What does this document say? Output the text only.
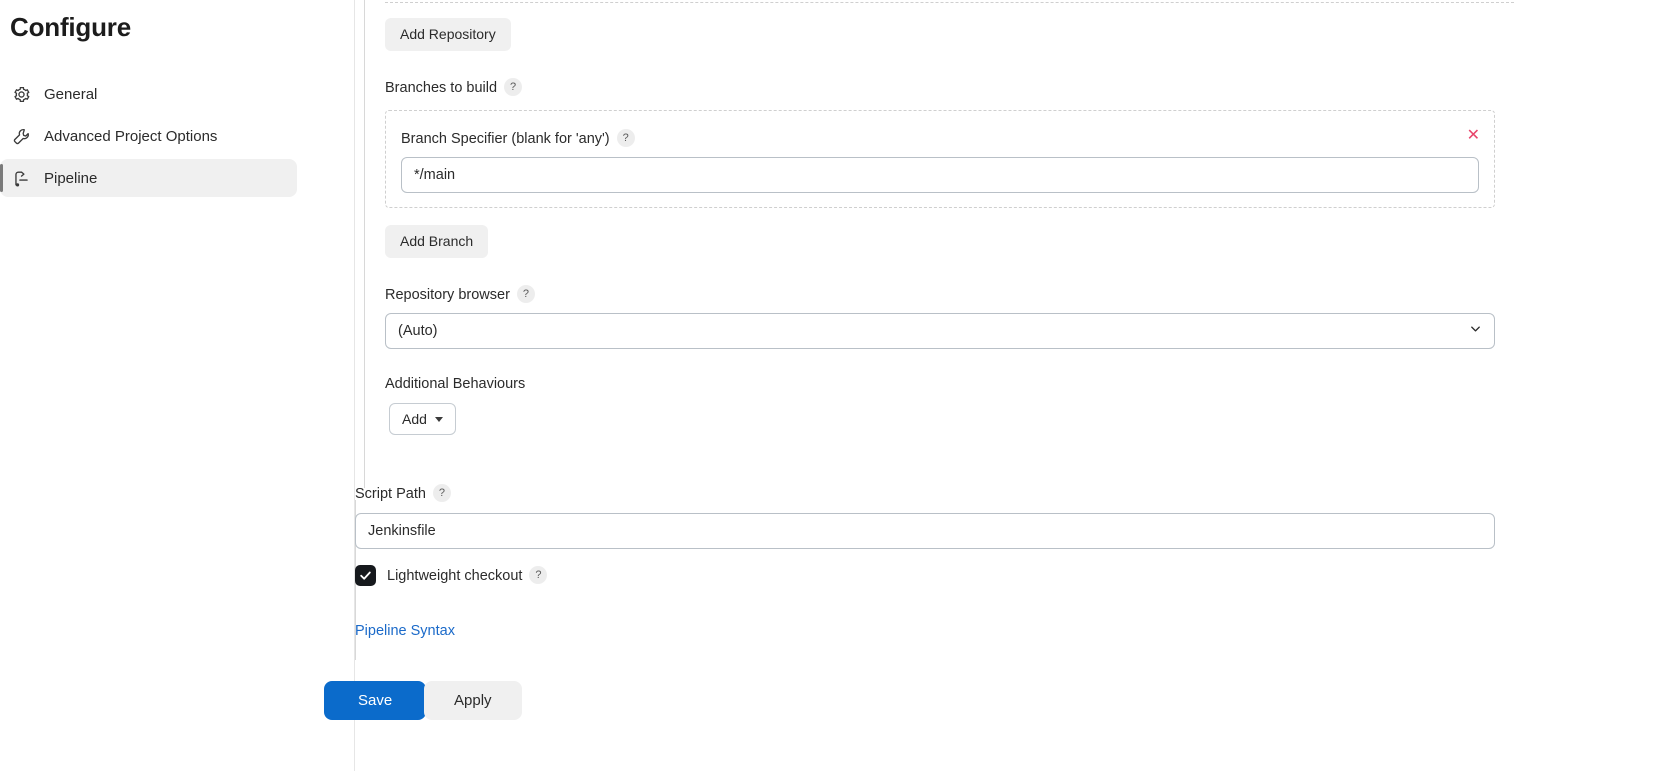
Configure
General
Advanced Project Options
Pipeline
Add Repository
Branches to build	?
Branch Specifier (blank for 'any')	?	✕
*/main
Add Branch
Repository browser	?
(Auto)
Additional Behaviours
Add
Script Path	?
Jenkinsfile
Lightweight checkout	?
Pipeline Syntax
Save	Apply
